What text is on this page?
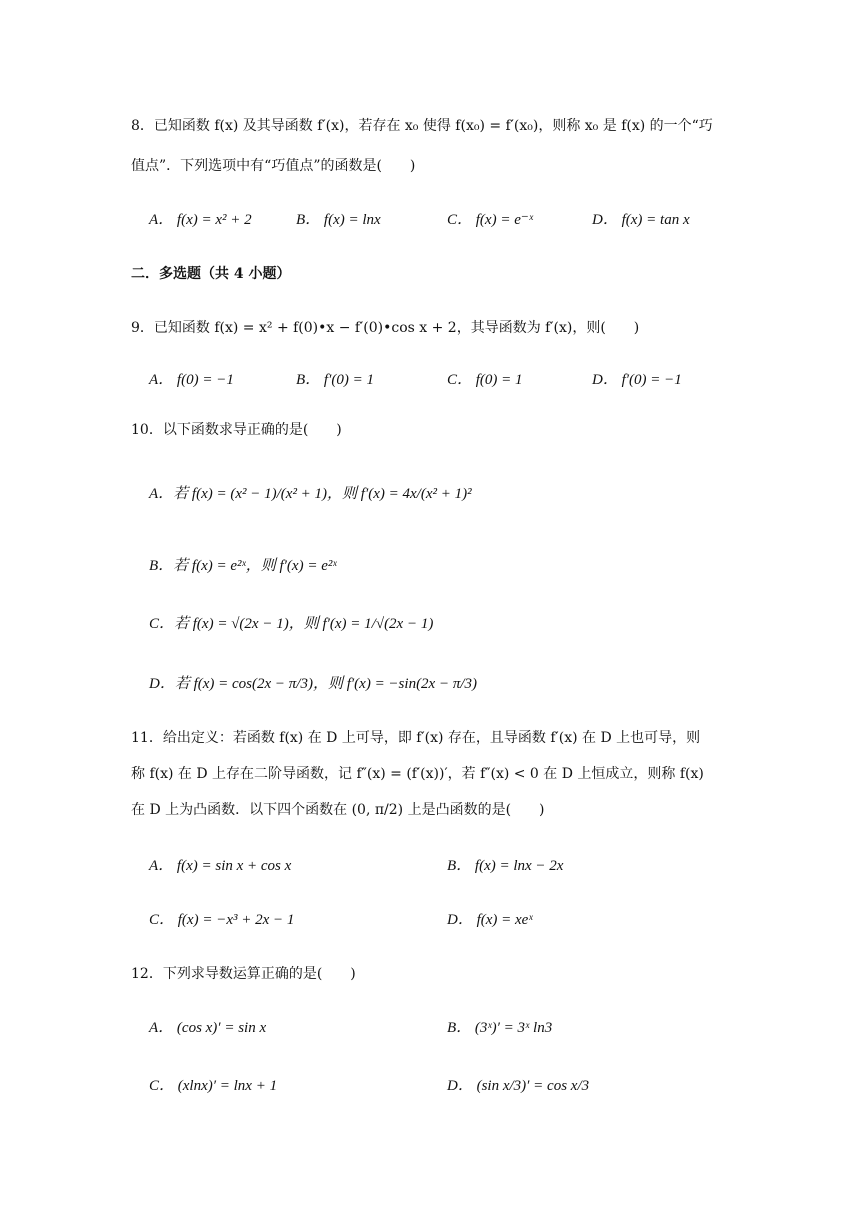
8．已知函数 f(x) 及其导函数 f′(x)，若存在 x₀ 使得 f(x₀) = f′(x₀)，则称 x₀ 是 f(x) 的一个“巧
值点”．下列选项中有“巧值点”的函数是(　　)
A． f(x) = x² + 2	B． f(x) = lnx	C． f(x) = e⁻ˣ	D． f(x) = tan x
二．多选题（共 4 小题）
9．已知函数 f(x) = x² + f(0)•x − f′(0)•cos x + 2，其导函数为 f′(x)，则(　　)
A． f(0) = −1	B． f′(0) = 1	C． f(0) = 1	D． f′(0) = −1
10．以下函数求导正确的是(　　)
A．若 f(x) = (x² − 1)/(x² + 1)，则 f′(x) = 4x/(x² + 1)²
B．若 f(x) = e²ˣ，则 f′(x) = e²ˣ
C．若 f(x) = √(2x − 1)，则 f′(x) = 1/√(2x − 1)
D．若 f(x) = cos(2x − π/3)，则 f′(x) = −sin(2x − π/3)
11．给出定义：若函数 f(x) 在 D 上可导，即 f′(x) 存在，且导函数 f′(x) 在 D 上也可导，则
称 f(x) 在 D 上存在二阶导函数，记 f″(x) = (f′(x))′，若 f″(x) < 0 在 D 上恒成立，则称 f(x)
在 D 上为凸函数．以下四个函数在 (0, π/2) 上是凸函数的是(　　)
A． f(x) = sin x + cos x	B． f(x) = lnx − 2x
C． f(x) = −x³ + 2x − 1	D． f(x) = xeˣ
12．下列求导数运算正确的是(　　)
A． (cos x)′ = sin x	B． (3ˣ)′ = 3ˣ ln3
C． (xlnx)′ = lnx + 1	D． (sin x/3)′ = cos x/3
